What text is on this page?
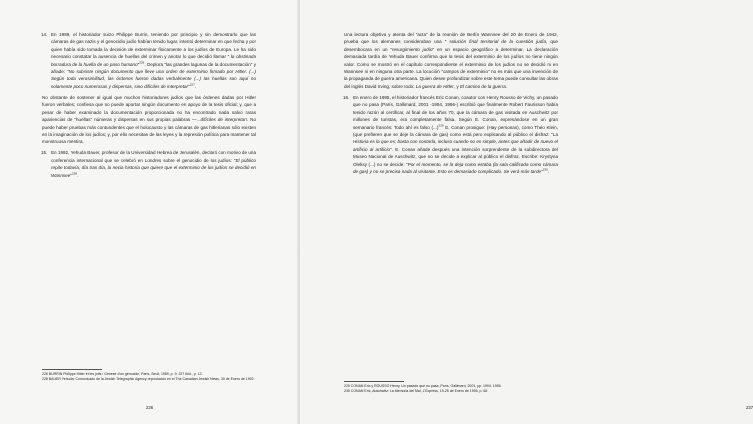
14. En 1989, el historiador suizo Philippe Burrin, teniendo por principio y sin demostrarlo que las cámaras de gas nazis y el genocidio judío habían tenido lugar, intentó determinar en que fecha y por quien había sido tomada la decisión de exterminar físicamente a los judíos de Europa. Le ha sido necesario constatar la ausencia de huellas del crimen y anotar lo que decidió llamar " la obstinada borradura de la huella de un paso humano"$^{226}$. Deplora "las grandes lagunas de la documentación" y añade: "No subsiste ningún documento que lleve una orden de exterminio firmado por Hitler. (...) Según toda verosimilitud, las órdenes fueron dadas verbalmente (...) las huellas son aquí no solamente poco numerosas y dispersas, sino difíciles de interpretar"$^{227}$.

No obstante de sostener al igual que muchos historiadores judíos que las órdenes dadas por Hitler fueron verbales; confiesa que no puede aportar ningún documento en apoyo de la tesis oficial; y, que a pesar de haber examinado la documentación proporcionada no ha encontrado nada salvo raras apariencias de "huellas" númeras y dispersas en sus propias palabras —...difíciles de interpretar!. No puede haber pruebas más contundentes que el holocausto y las cámaras de gas hitlerianas sólo existen en la imaginación de los judíos; y, por ello necesitan de las leyes y la represión política para mantener tal monstruosa mentira.

15. En 1992, Yehuda Bauer, profesor de la Universidad Hebrea de Jerusalén, declaró con motivo de una conferencia internacional que se celebró en Londres sobre el genocidio de los judíos: "El público repite todavía, día tras día, la necia historia que quiere que el exterminio de los judíos se decidió en Wannsee"$^{228}$.

226 BURRIN Philippe Hitler et les juifs / Genese d'un génocide, París, Seuil, 1989, p. 9. 227 Ibid., p. 13

228 BAUER Yehuda, Comunicado de la Jewish Telegraphic Agency reproducido en el The Canadian Jewish News, 30 de Enero de 1992.

236

Una lectura objetiva y atenta del "acta" de la reunión de Berlín Wannsee del 20 de Enero de 1942, prueba que los alemanes consideraban una " solución final territorial de la cuestión judía, que desembocara en un "resurgimiento judío" en un espacio geográfico a determinar. La declaración demasiada tardía de Yehuda Bauer confirma que la tesis del exterminio de los judíos no tiene ningún valor. Como se mostró en el capítulo correspondiente el exterminio de los judíos no se decidió ni en Wannsee ni en ninguna otra parte. La locución "campos de exterminio" no es más que una invención de la propaganda de guerra americana. Quien desee profundizar sobre este tema puede consultar las obras del inglés David Irving, sobre todo: La guerra de Hitler, y El camino de la guerra.

16. En enero de 1995, el historiador francés Eric Conan, coautor con Henry Rousso de Vichy, un pasado que no pasa (París, Gallimard, 2001 -1994, 1996-) escribió que finalmente Robert Faurisson había tenido razón al certificar, al final de los años 70, que la cámara de gas visitada en Auschwitz por millones de turistas, era completamente falsa. Según E. Conan, expresándose en un gran semanario francés: Todo ahí es falso (...)$^{229}$ E. Conan prosigue: (Hay personas), como Théo Klein, (que prefieren que se deje la cámara de gas) como está pero explicando al público el disfraz: "La Historia es la que es; basta con contarla, incluso cuando no es simple, antes que añadir de nuevo el artificio al artificio". E. Conan añade después una intención sorprendente de la subdirectora del Museo Nacional de Auschwitz, que no se decide a explicar al público el disfraz. Escribe: Krystyna Oleksy (...) no se decide: "Por el momento, se la deja como estaba (la sala calificada como cámara de gas) y no se precisa nada al visitante. Esto es demasiado complicado. Se verá más tarde"$^{230}$.

229 CONAN Eric y ROUSSO Henry, Un pasado que no pasa, París, Gallimard, 2001, pp. 1994, 1996.

230 CONAN Eric, Auschwitz: La Memoria del Mal, L'Express, 19-25 de Enero de 1995, p. 68

237
